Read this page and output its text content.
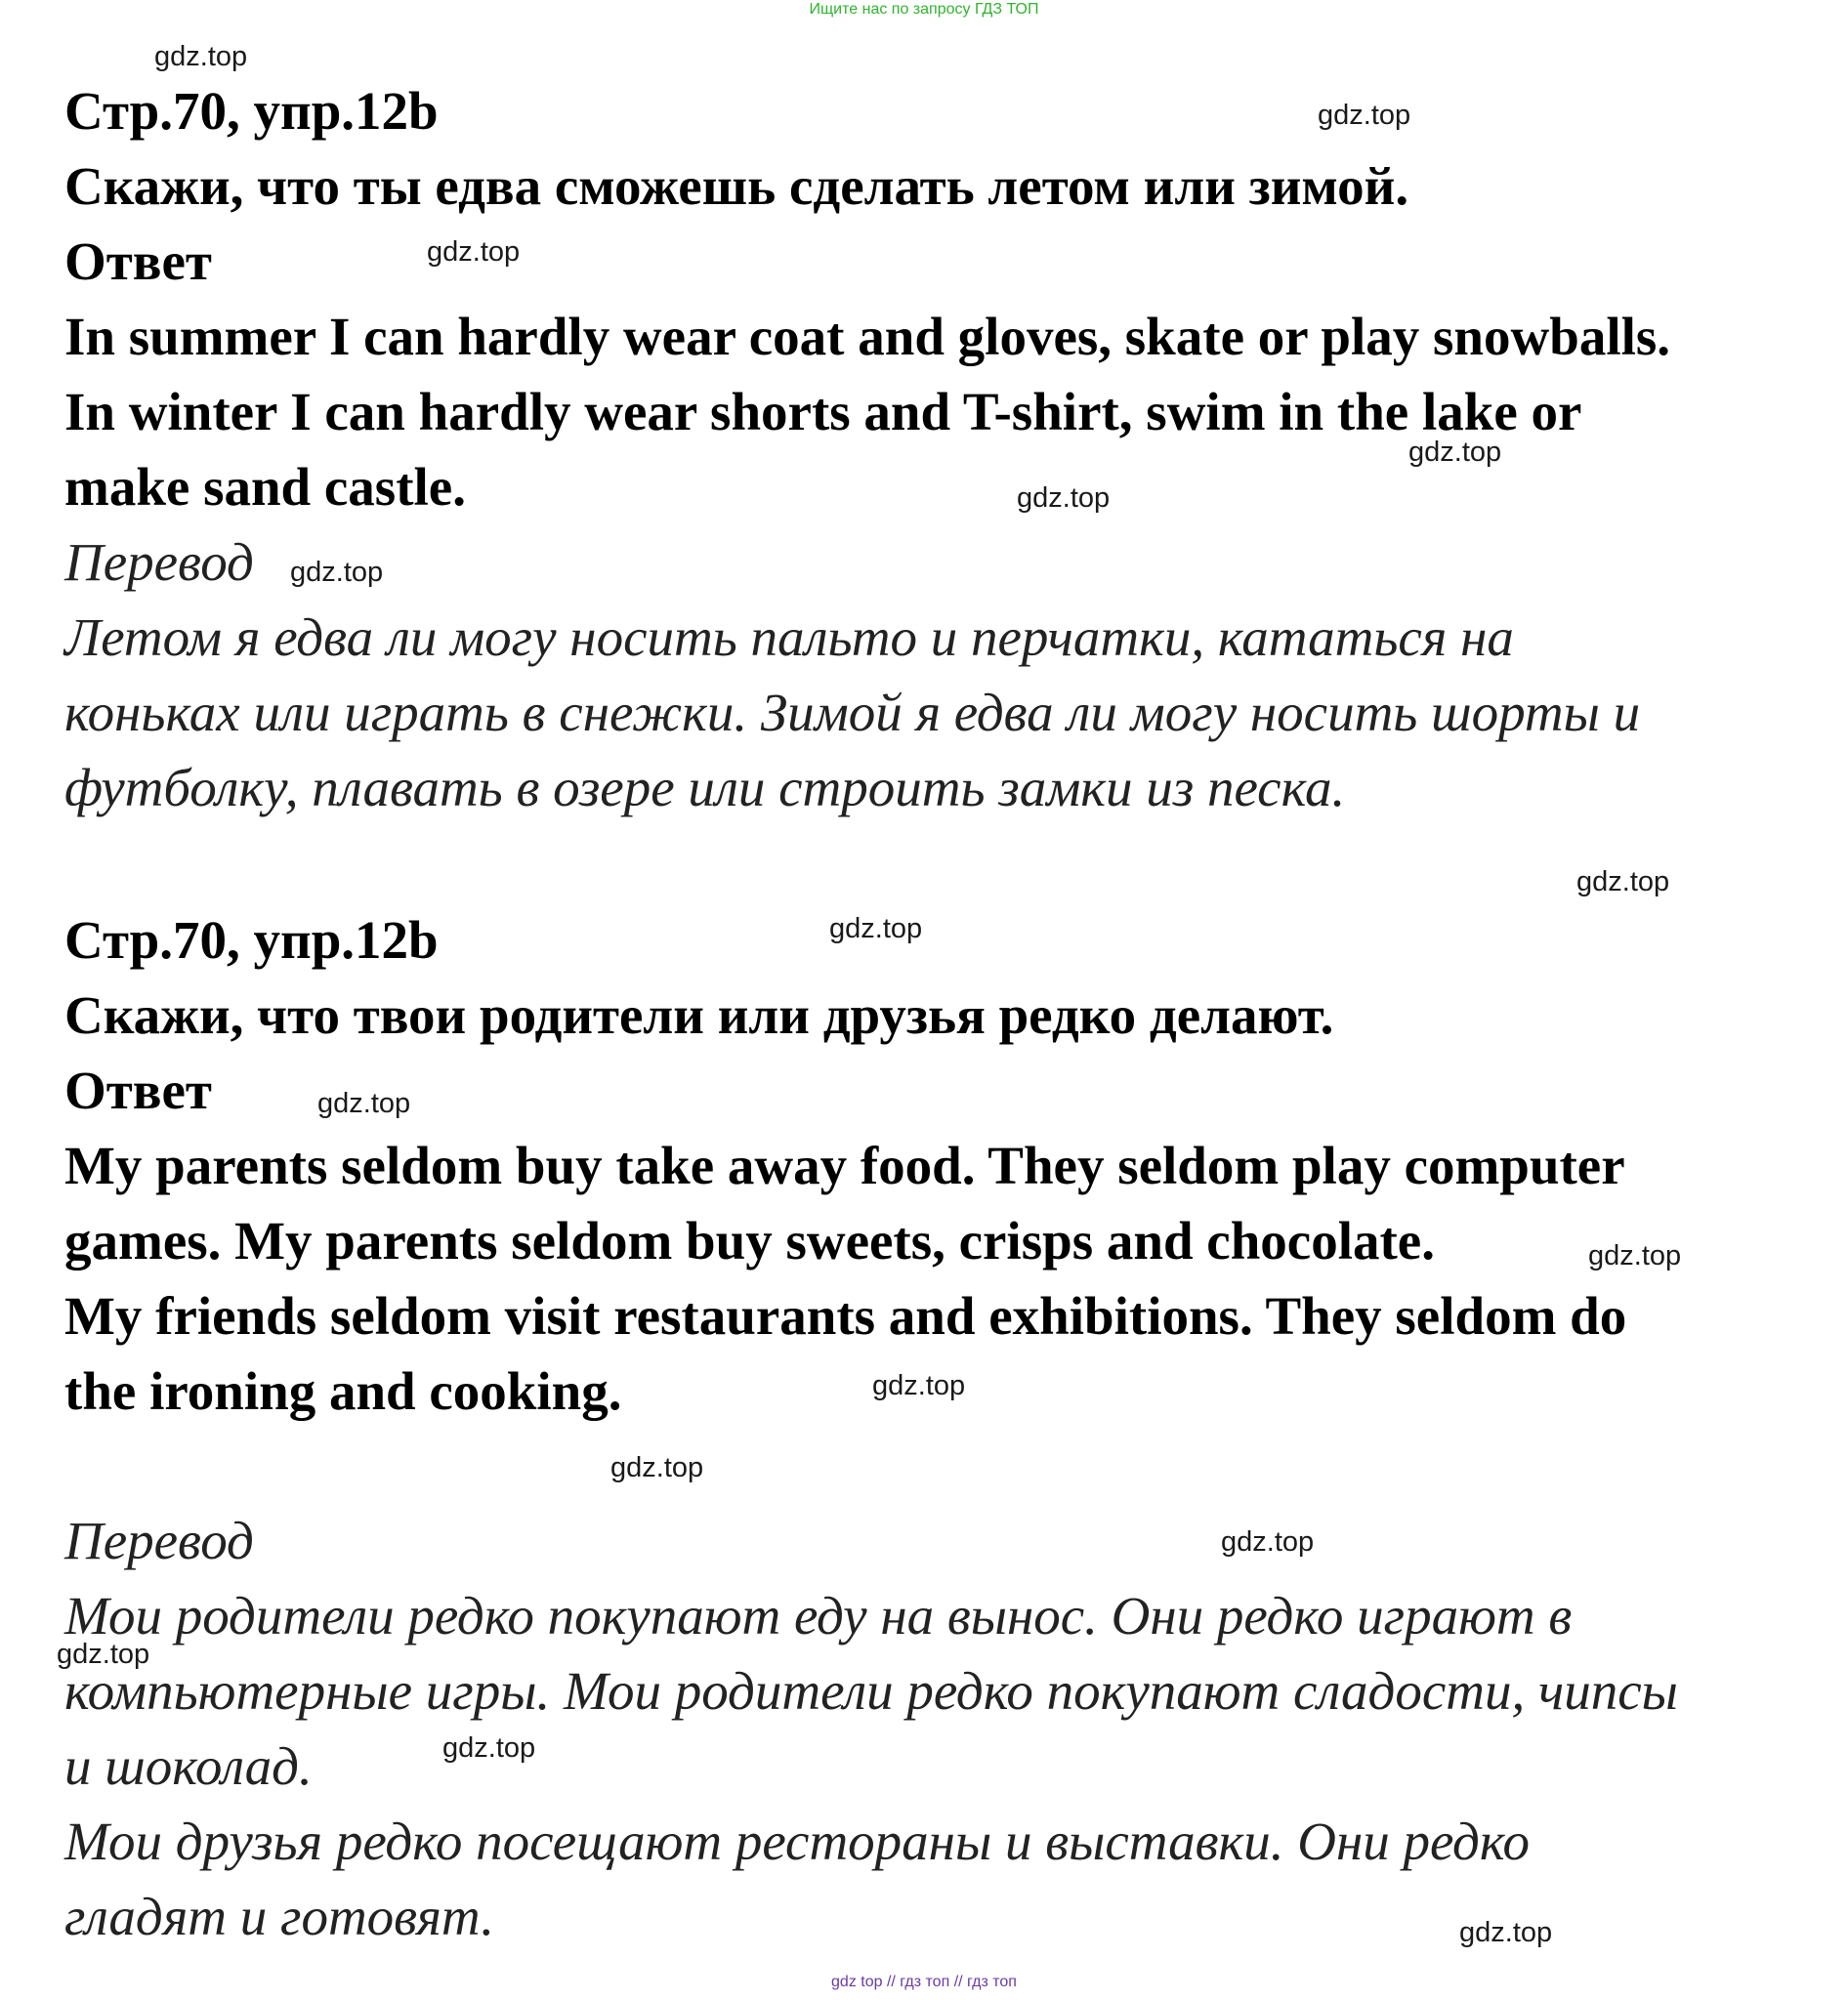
Ищите нас по запросу ГДЗ ТОП
Стр.70, упр.12b
Скажи, что ты едва сможешь сделать летом или зимой.
Ответ
In summer I can hardly wear coat and gloves, skate or play snowballs.
In winter I can hardly wear shorts and T-shirt, swim in the lake or
make sand castle.
Перевод
Летом я едва ли могу носить пальто и перчатки, кататься на
коньках или играть в снежки. Зимой я едва ли могу носить шорты и
футболку, плавать в озере или строить замки из песка.
Стр.70, упр.12b
Скажи, что твои родители или друзья редко делают.
Ответ
My parents seldom buy take away food. They seldom play computer
games. My parents seldom buy sweets, crisps and chocolate.
My friends seldom visit restaurants and exhibitions. They seldom do
the ironing and cooking.
Перевод
Мои родители редко покупают еду на вынос. Они редко играют в
компьютерные игры. Мои родители редко покупают сладости, чипсы
и шоколад.
Мои друзья редко посещают рестораны и выставки. Они редко
гладят и готовят.
gdz.top
gdz.top
gdz.top
gdz.top
gdz.top
gdz.top
gdz.top
gdz.top
gdz.top
gdz.top
gdz.top
gdz.top
gdz.top
gdz.top
gdz.top
gdz.top
gdz top // гдз топ // гдз топ
